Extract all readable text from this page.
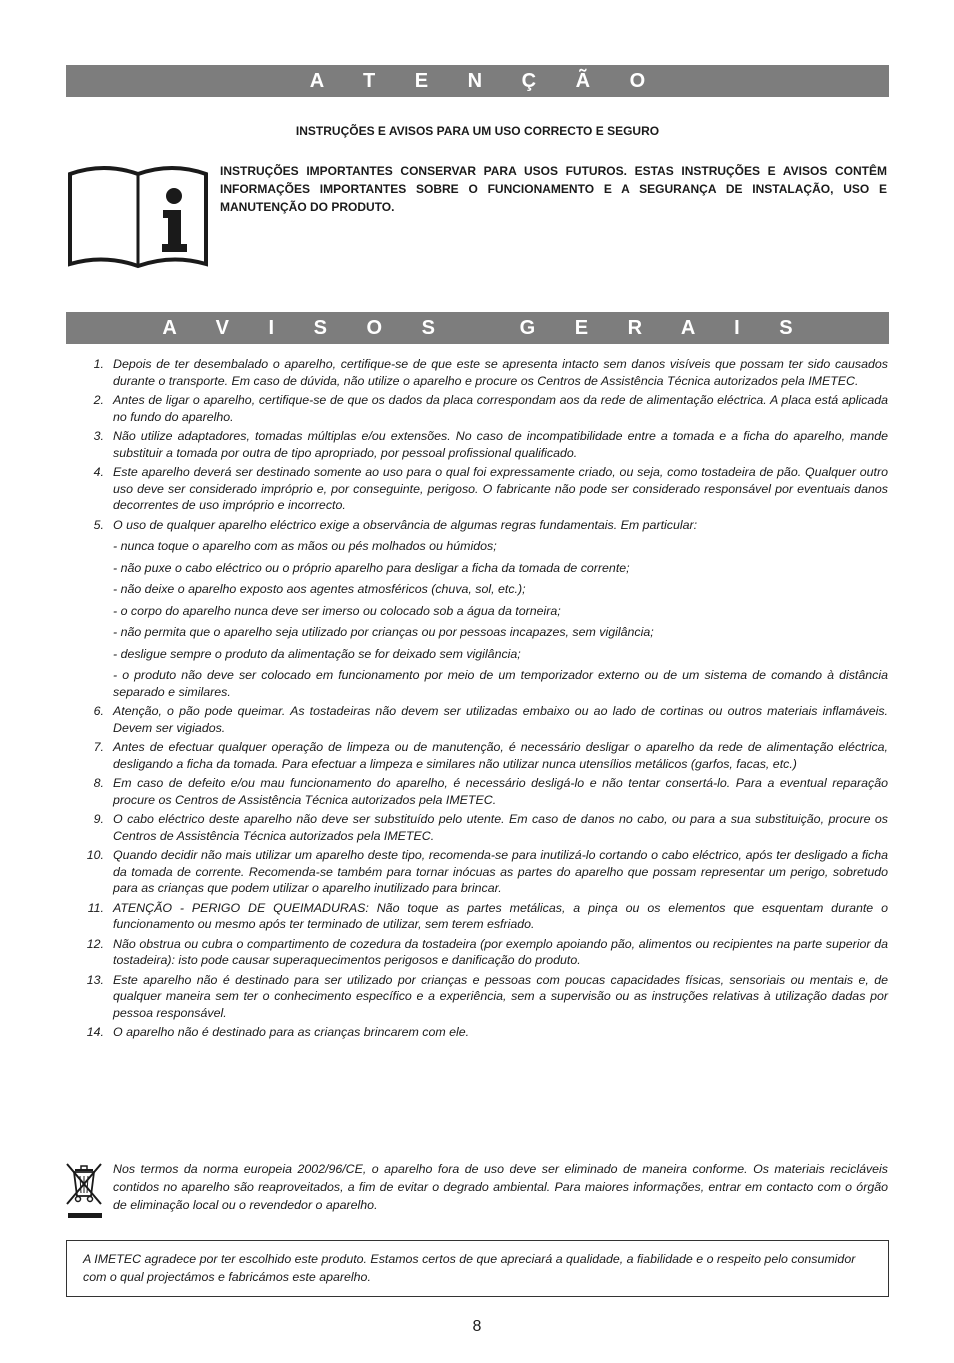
A T E N Ç Ã O
INSTRUÇÕES E AVISOS PARA UM USO CORRECTO E SEGURO
INSTRUÇÕES IMPORTANTES CONSERVAR PARA USOS FUTUROS. ESTAS INSTRUÇÕES E AVISOS CONTÊM INFORMAÇÕES IMPORTANTES SOBRE O FUNCIONAMENTO E A SEGURANÇA DE INSTALAÇÃO, USO E MANUTENÇÃO DO PRODUTO.
A V I S O S   G E R A I S
1. Depois de ter desembalado o aparelho, certifique-se de que este se apresenta intacto sem danos visíveis que possam ter sido causados durante o transporte. Em caso de dúvida, não utilize o aparelho e procure os Centros de Assistência Técnica autorizados pela IMETEC.
2. Antes de ligar o aparelho, certifique-se de que os dados da placa correspondam aos da rede de alimentação eléctrica. A placa está aplicada no fundo do aparelho.
3. Não utilize adaptadores, tomadas múltiplas e/ou extensões. No caso de incompatibilidade entre a tomada e a ficha do aparelho, mande substituir a tomada por outra de tipo apropriado, por pessoal profissional qualificado.
4. Este aparelho deverá ser destinado somente ao uso para o qual foi expressamente criado, ou seja, como tostadeira de pão. Qualquer outro uso deve ser considerado impróprio e, por conseguinte, perigoso. O fabricante não pode ser considerado responsável por eventuais danos decorrentes de uso impróprio e incorrecto.
5. O uso de qualquer aparelho eléctrico exige a observância de algumas regras fundamentais. Em particular:
- nunca toque o aparelho com as mãos ou pés molhados ou húmidos;
- não puxe o cabo eléctrico ou o próprio aparelho para desligar a ficha da tomada de corrente;
- não deixe o aparelho exposto aos agentes atmosféricos (chuva, sol, etc.);
- o corpo do aparelho nunca deve ser imerso ou colocado sob a água da torneira;
- não permita que o aparelho seja utilizado por crianças ou por pessoas incapazes, sem vigilância;
- desligue sempre o produto da alimentação se for deixado sem vigilância;
- o produto não deve ser colocado em funcionamento por meio de um temporizador externo ou de um sistema de comando à distância separado e similares.
6. Atenção, o pão pode queimar. As tostadeiras não devem ser utilizadas embaixo ou ao lado de cortinas ou outros materiais inflamáveis. Devem ser vigiados.
7. Antes de efectuar qualquer operação de limpeza ou de manutenção, é necessário desligar o aparelho da rede de alimentação eléctrica, desligando a ficha da tomada. Para efectuar a limpeza e similares não utilizar nunca utensílios metálicos (garfos, facas, etc.)
8. Em caso de defeito e/ou mau funcionamento do aparelho, é necessário desligá-lo e não tentar consertá-lo. Para a eventual reparação procure os Centros de Assistência Técnica autorizados pela IMETEC.
9. O cabo eléctrico deste aparelho não deve ser substituído pelo utente. Em caso de danos no cabo, ou para a sua substituição, procure os Centros de Assistência Técnica autorizados pela IMETEC.
10. Quando decidir não mais utilizar um aparelho deste tipo, recomenda-se para inutilizá-lo cortando o cabo eléctrico, após ter desligado a ficha da tomada de corrente. Recomenda-se também para tornar inócuas as partes do aparelho que possam representar um perigo, sobretudo para as crianças que podem utilizar o aparelho inutilizado para brincar.
11. ATENÇÃO - PERIGO DE QUEIMADURAS: Não toque as partes metálicas, a pinça ou os elementos que esquentam durante o funcionamento ou mesmo após ter terminado de utilizar, sem terem esfriado.
12. Não obstrua ou cubra o compartimento de cozedura da tostadeira (por exemplo apoiando pão, alimentos ou recipientes na parte superior da tostadeira): isto pode causar superaquecimentos perigosos e danificação do produto.
13. Este aparelho não é destinado para ser utilizado por crianças e pessoas com poucas capacidades físicas, sensoriais ou mentais e, de qualquer maneira sem ter o conhecimento específico e a experiência, sem a supervisão ou as instruções relativas à utilização dadas por pessoa responsável.
14. O aparelho não é destinado para as crianças brincarem com ele.
Nos termos da norma europeia 2002/96/CE, o aparelho fora de uso deve ser eliminado de maneira conforme. Os materiais recicláveis contidos no aparelho são reaproveitados, a fim de evitar o degrado ambiental. Para maiores informações, entrar em contacto com o órgão de eliminação local ou o revendedor o aparelho.
A IMETEC agradece por ter escolhido este produto. Estamos certos de que apreciará a qualidade, a fiabilidade e o respeito pelo consumidor com o qual projectámos e fabricámos este aparelho.
8
